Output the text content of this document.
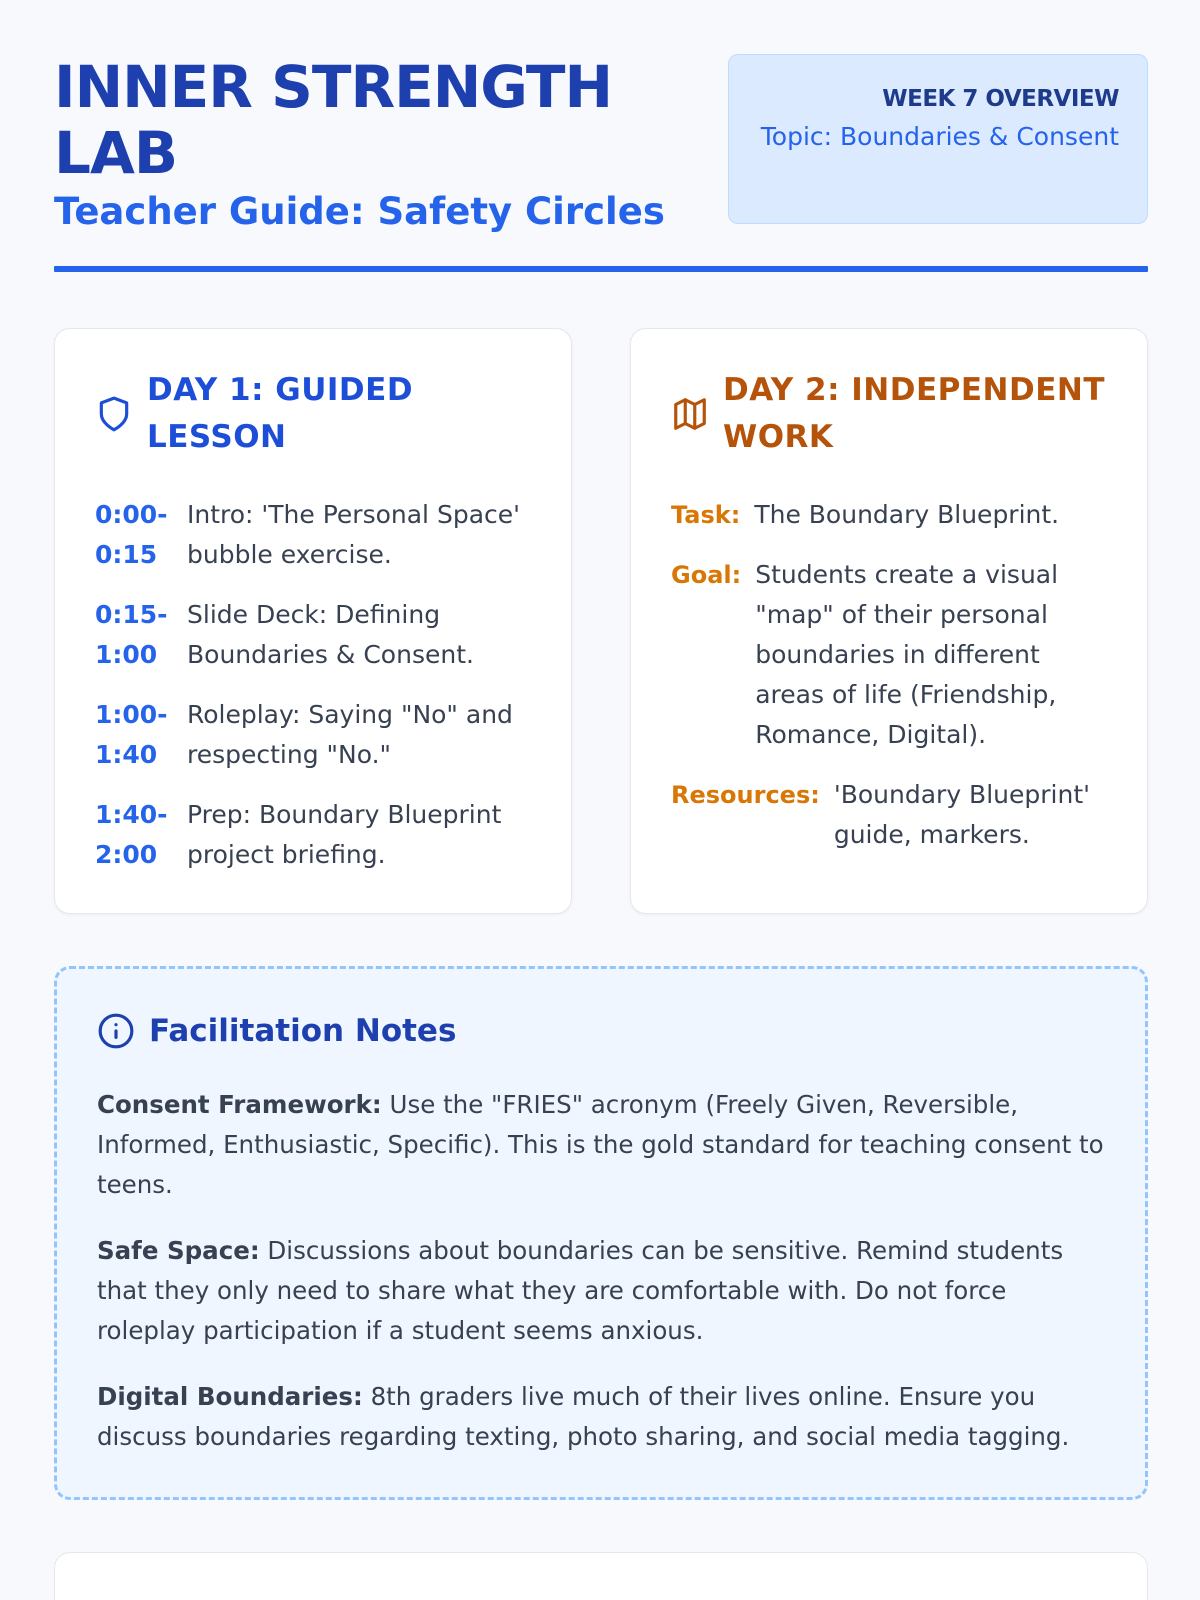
INNER STRENGTH LAB
Teacher Guide: Safety Circles
WEEK 7 OVERVIEW
Topic: Boundaries & Consent
DAY 1: GUIDED LESSON
0:00-0:15
Intro: 'The Personal Space' bubble exercise.
0:15-1:00
Slide Deck: Defining Boundaries & Consent.
1:00-1:40
Roleplay: Saying "No" and respecting "No."
1:40-2:00
Prep: Boundary Blueprint project briefing.
DAY 2: INDEPENDENT WORK
Task: The Boundary Blueprint.
Goal: Students create a visual "map" of their personal boundaries in different areas of life (Friendship, Romance, Digital).
Resources: 'Boundary Blueprint' guide, markers.
Facilitation Notes

Consent Framework: Use the "FRIES" acronym (Freely Given, Reversible, Informed, Enthusiastic, Specific). This is the gold standard for teaching consent to teens.

Safe Space: Discussions about boundaries can be sensitive. Remind students that they only need to share what they are comfortable with. Do not force roleplay participation if a student seems anxious.

Digital Boundaries: 8th graders live much of their lives online. Ensure you discuss boundaries regarding texting, photo sharing, and social media tagging.
